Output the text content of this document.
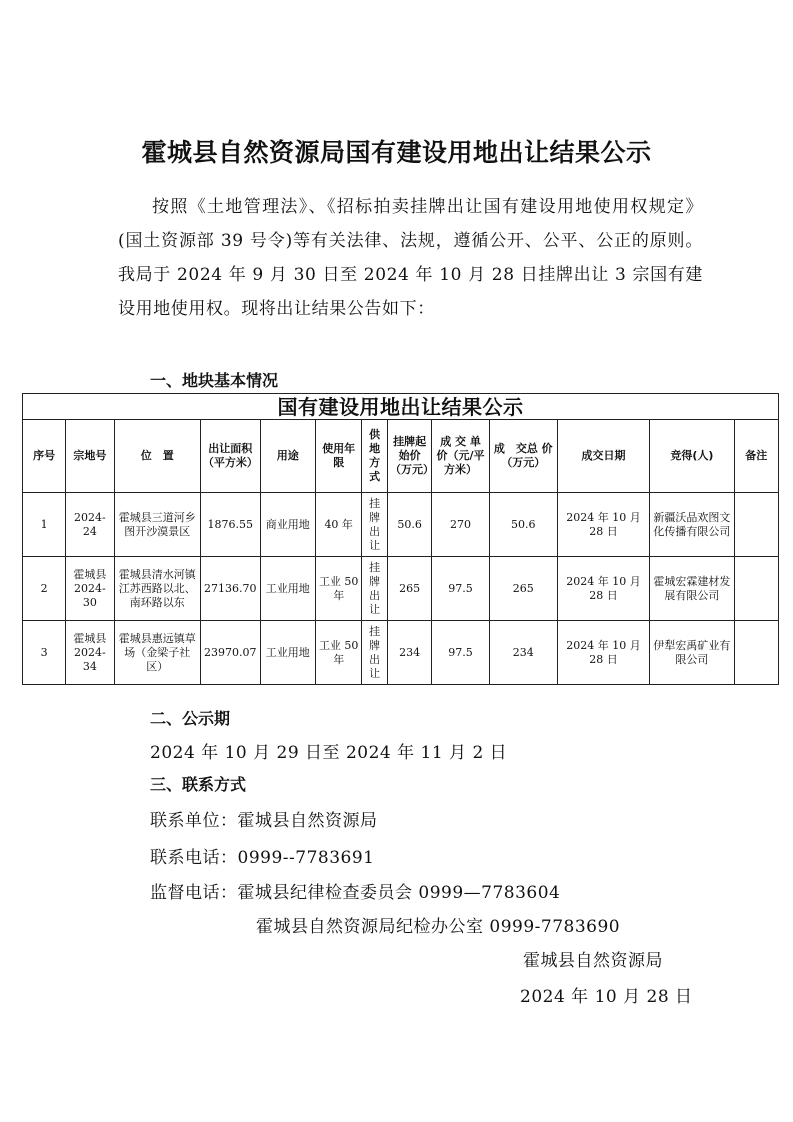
霍城县自然资源局国有建设用地出让结果公示
按照《土地管理法》、《招标拍卖挂牌出让国有建设用地使用权规定》(国土资源部 39 号令)等有关法律、法规，遵循公开、公平、公正的原则。我局于 2024 年 9 月 30 日至 2024 年 10 月 28 日挂牌出让 3 宗国有建设用地使用权。现将出让结果公告如下：
一、地块基本情况
国有建设用地出让结果公示												
序号	宗地号	位　置	出让面积（平方米）	用途	使用年限	供地方式	挂牌起始价（万元）	成 交 单 价（元/平方米）	成　交总 价（万元）	成交日期	竞得(人)	备注
1	2024-24	霍城县三道河乡图开沙漠景区	1876.55	商业用地	40 年	挂牌出让	50.6	270	50.6	2024 年 10 月 28 日	新疆沃品欢图文化传播有限公司	
2	霍城县 2024-30	霍城县清水河镇江苏西路以北、南环路以东	27136.70	工业用地	工业 50 年	挂牌出让	265	97.5	265	2024 年 10 月 28 日	霍城宏霖建材发展有限公司	
3	霍城县 2024-34	霍城县惠远镇草场（金梁子社区）	23970.07	工业用地	工业 50 年	挂牌出让	234	97.5	234	2024 年 10 月 28 日	伊犁宏禹矿业有限公司	
二、公示期
2024 年 10 月 29 日至 2024 年 11 月 2 日
三、联系方式
联系单位：霍城县自然资源局
联系电话：0999--7783691
监督电话：霍城县纪律检查委员会 0999—7783604
霍城县自然资源局纪检办公室 0999-7783690
霍城县自然资源局
2024 年 10 月 28 日
